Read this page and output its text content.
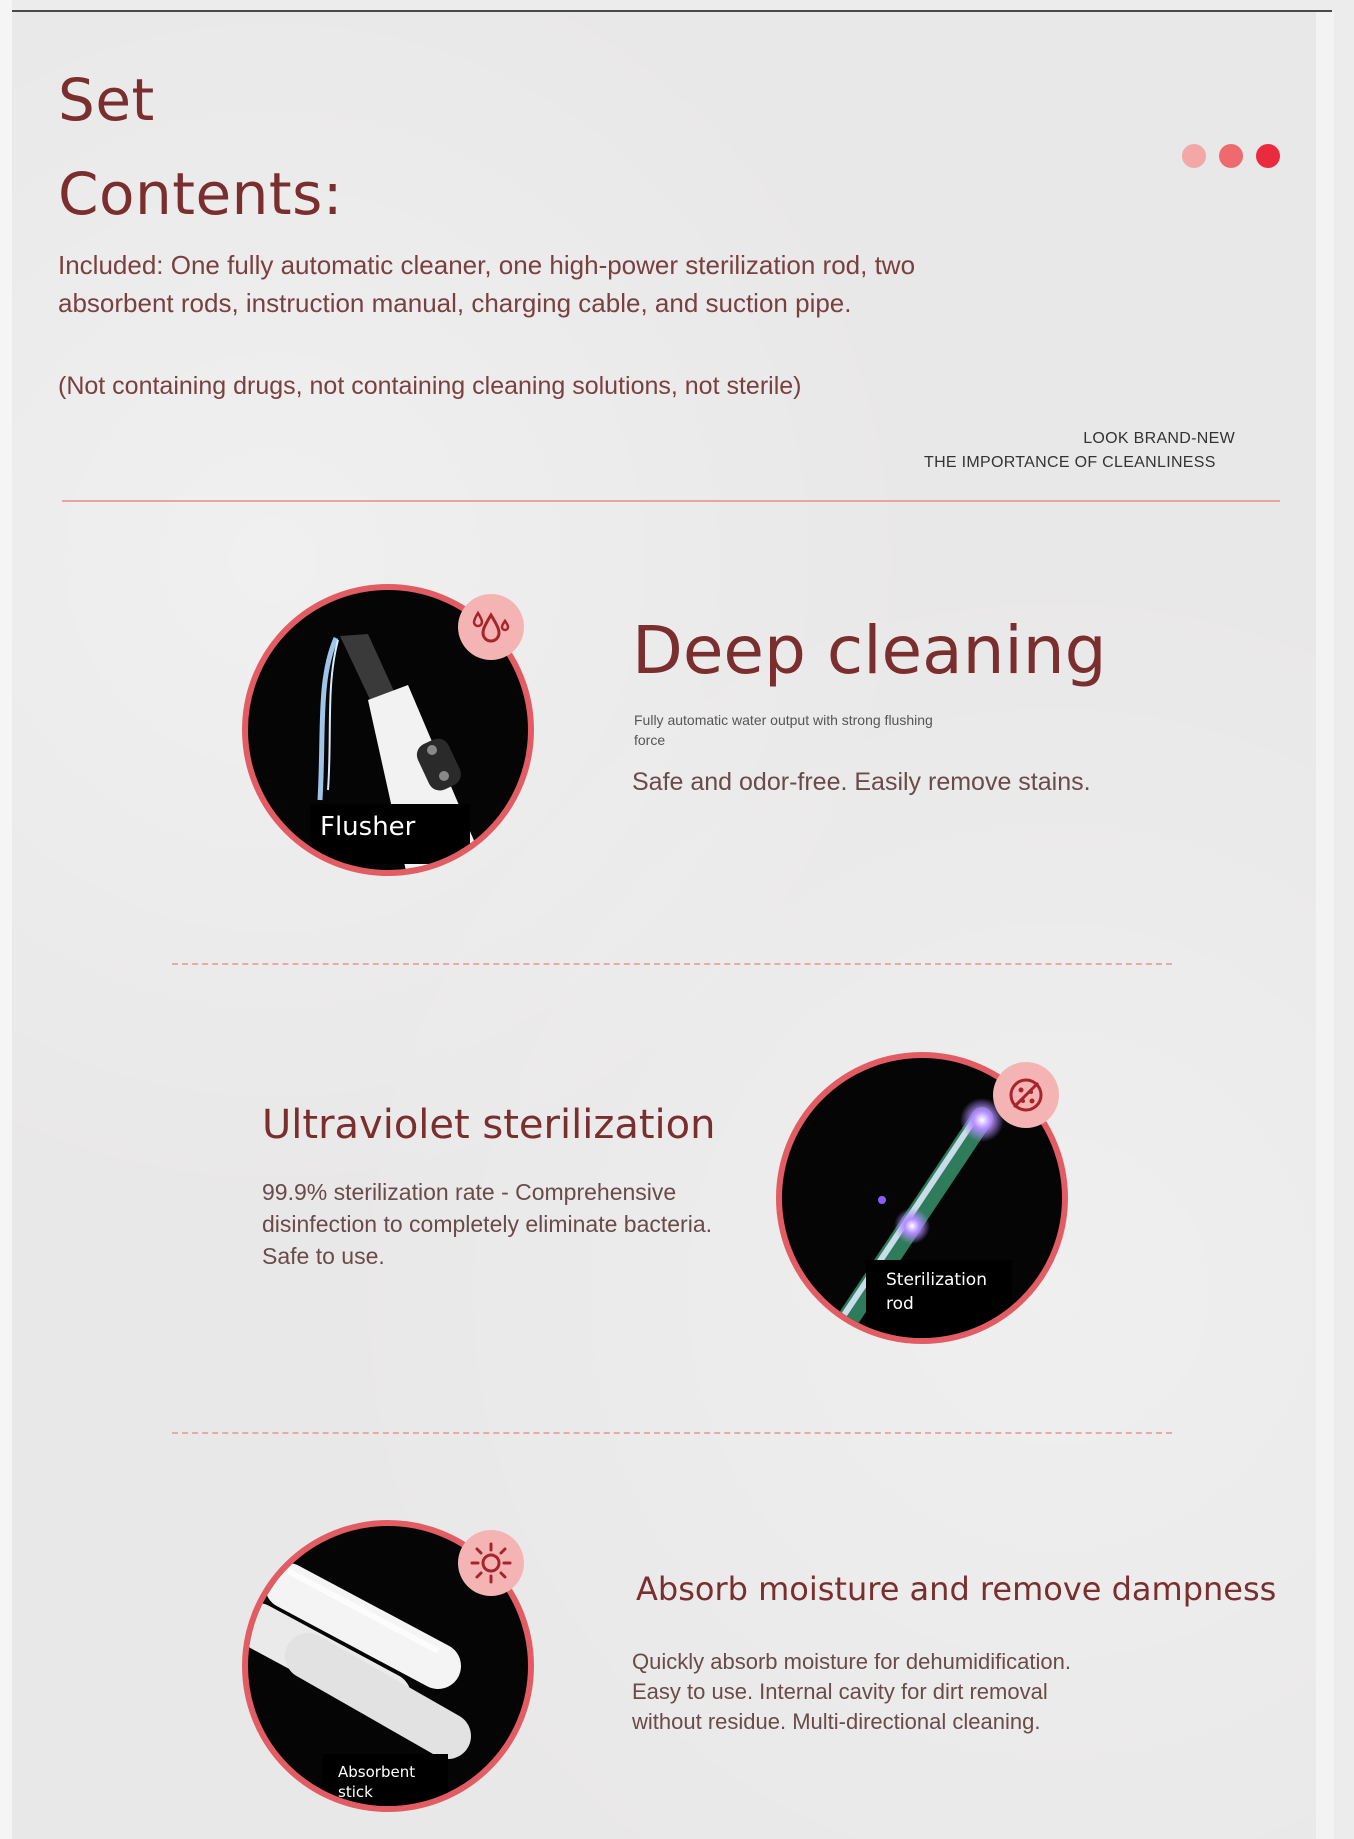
Set
Contents:
Included: One fully automatic cleaner, one high-power sterilization rod, two absorbent rods, instruction manual, charging cable, and suction pipe.
(Not containing drugs, not containing cleaning solutions, not sterile)
LOOK BRAND-NEW
THE IMPORTANCE OF CLEANLINESS
Flusher
Deep cleaning
Fully automatic water output with strong flushing force
Safe and odor-free. Easily remove stains.
Ultraviolet sterilization
99.9% sterilization rate - Comprehensive disinfection to completely eliminate bacteria. Safe to use.
Sterilization rod
Absorbent stick
Absorb moisture and remove dampness
Quickly absorb moisture for dehumidification. Easy to use. Internal cavity for dirt removal without residue. Multi-directional cleaning.
